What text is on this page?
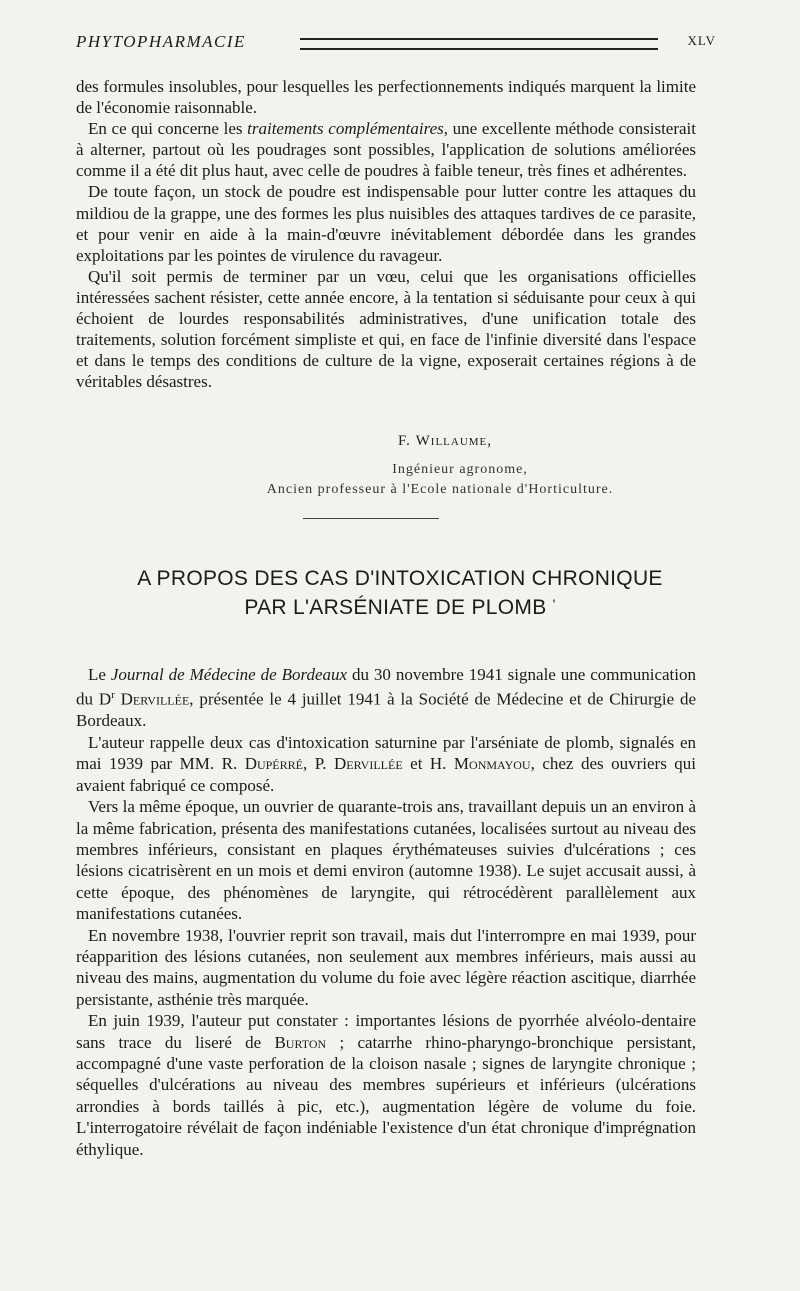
PHYTOPHARMACIE	XLV

des formules insolubles, pour lesquelles les perfectionnements indiqués marquent la limite de l'économie raisonnable.

En ce qui concerne les traitements complémentaires, une excellente méthode consisterait à alterner, partout où les poudrages sont possibles, l'application de solutions améliorées comme il a été dit plus haut, avec celle de poudres à faible teneur, très fines et adhérentes.

De toute façon, un stock de poudre est indispensable pour lutter contre les attaques du mildiou de la grappe, une des formes les plus nuisibles des attaques tardives de ce parasite, et pour venir en aide à la main-d'œuvre inévitablement débordée dans les grandes exploitations par les pointes de virulence du ravageur.

Qu'il soit permis de terminer par un vœu, celui que les organisations officielles intéressées sachent résister, cette année encore, à la tentation si séduisante pour ceux à qui échoient de lourdes responsabilités administratives, d'une unification totale des traitements, solution forcément simpliste et qui, en face de l'infinie diversité dans l'espace et dans le temps des conditions de culture de la vigne, exposerait certaines régions à de véritables désastres.

F. Willaume,
Ingénieur agronome,
Ancien professeur à l'Ecole nationale d'Horticulture.
A PROPOS DES CAS D'INTOXICATION CHRONIQUE
PAR L'ARSÉNIATE DE PLOMB '

Le Journal de Médecine de Bordeaux du 30 novembre 1941 signale une communication du $D^r$ Dervillée, présentée le 4 juillet 1941 à la Société de Médecine et de Chirurgie de Bordeaux.

L'auteur rappelle deux cas d'intoxication saturnine par l'arséniate de plomb, signalés en mai 1939 par MM. R. Dupérré, P. Dervillée et H. Monmayou, chez des ouvriers qui avaient fabriqué ce composé.

Vers la même époque, un ouvrier de quarante-trois ans, travaillant depuis un an environ à la même fabrication, présenta des manifestations cutanées, localisées surtout au niveau des membres inférieurs, consistant en plaques érythémateuses suivies d'ulcérations ; ces lésions cicatrisèrent en un mois et demi environ (automne 1938). Le sujet accusait aussi, à cette époque, des phénomènes de laryngite, qui rétrocédèrent parallèlement aux manifestations cutanées.

En novembre 1938, l'ouvrier reprit son travail, mais dut l'interrompre en mai 1939, pour réapparition des lésions cutanées, non seulement aux membres inférieurs, mais aussi au niveau des mains, augmentation du volume du foie avec légère réaction ascitique, diarrhée persistante, asthénie très marquée.

En juin 1939, l'auteur put constater : importantes lésions de pyorrhée alvéolo-dentaire sans trace du liseré de Burton ; catarrhe rhino-pharyngo-bronchique persistant, accompagné d'une vaste perforation de la cloison nasale ; signes de laryngite chronique ; séquelles d'ulcérations au niveau des membres supérieurs et inférieurs (ulcérations arrondies à bords taillés à pic, etc.), augmentation légère de volume du foie. L'interrogatoire révélait de façon indéniable l'existence d'un état chronique d'imprégnation éthylique.
